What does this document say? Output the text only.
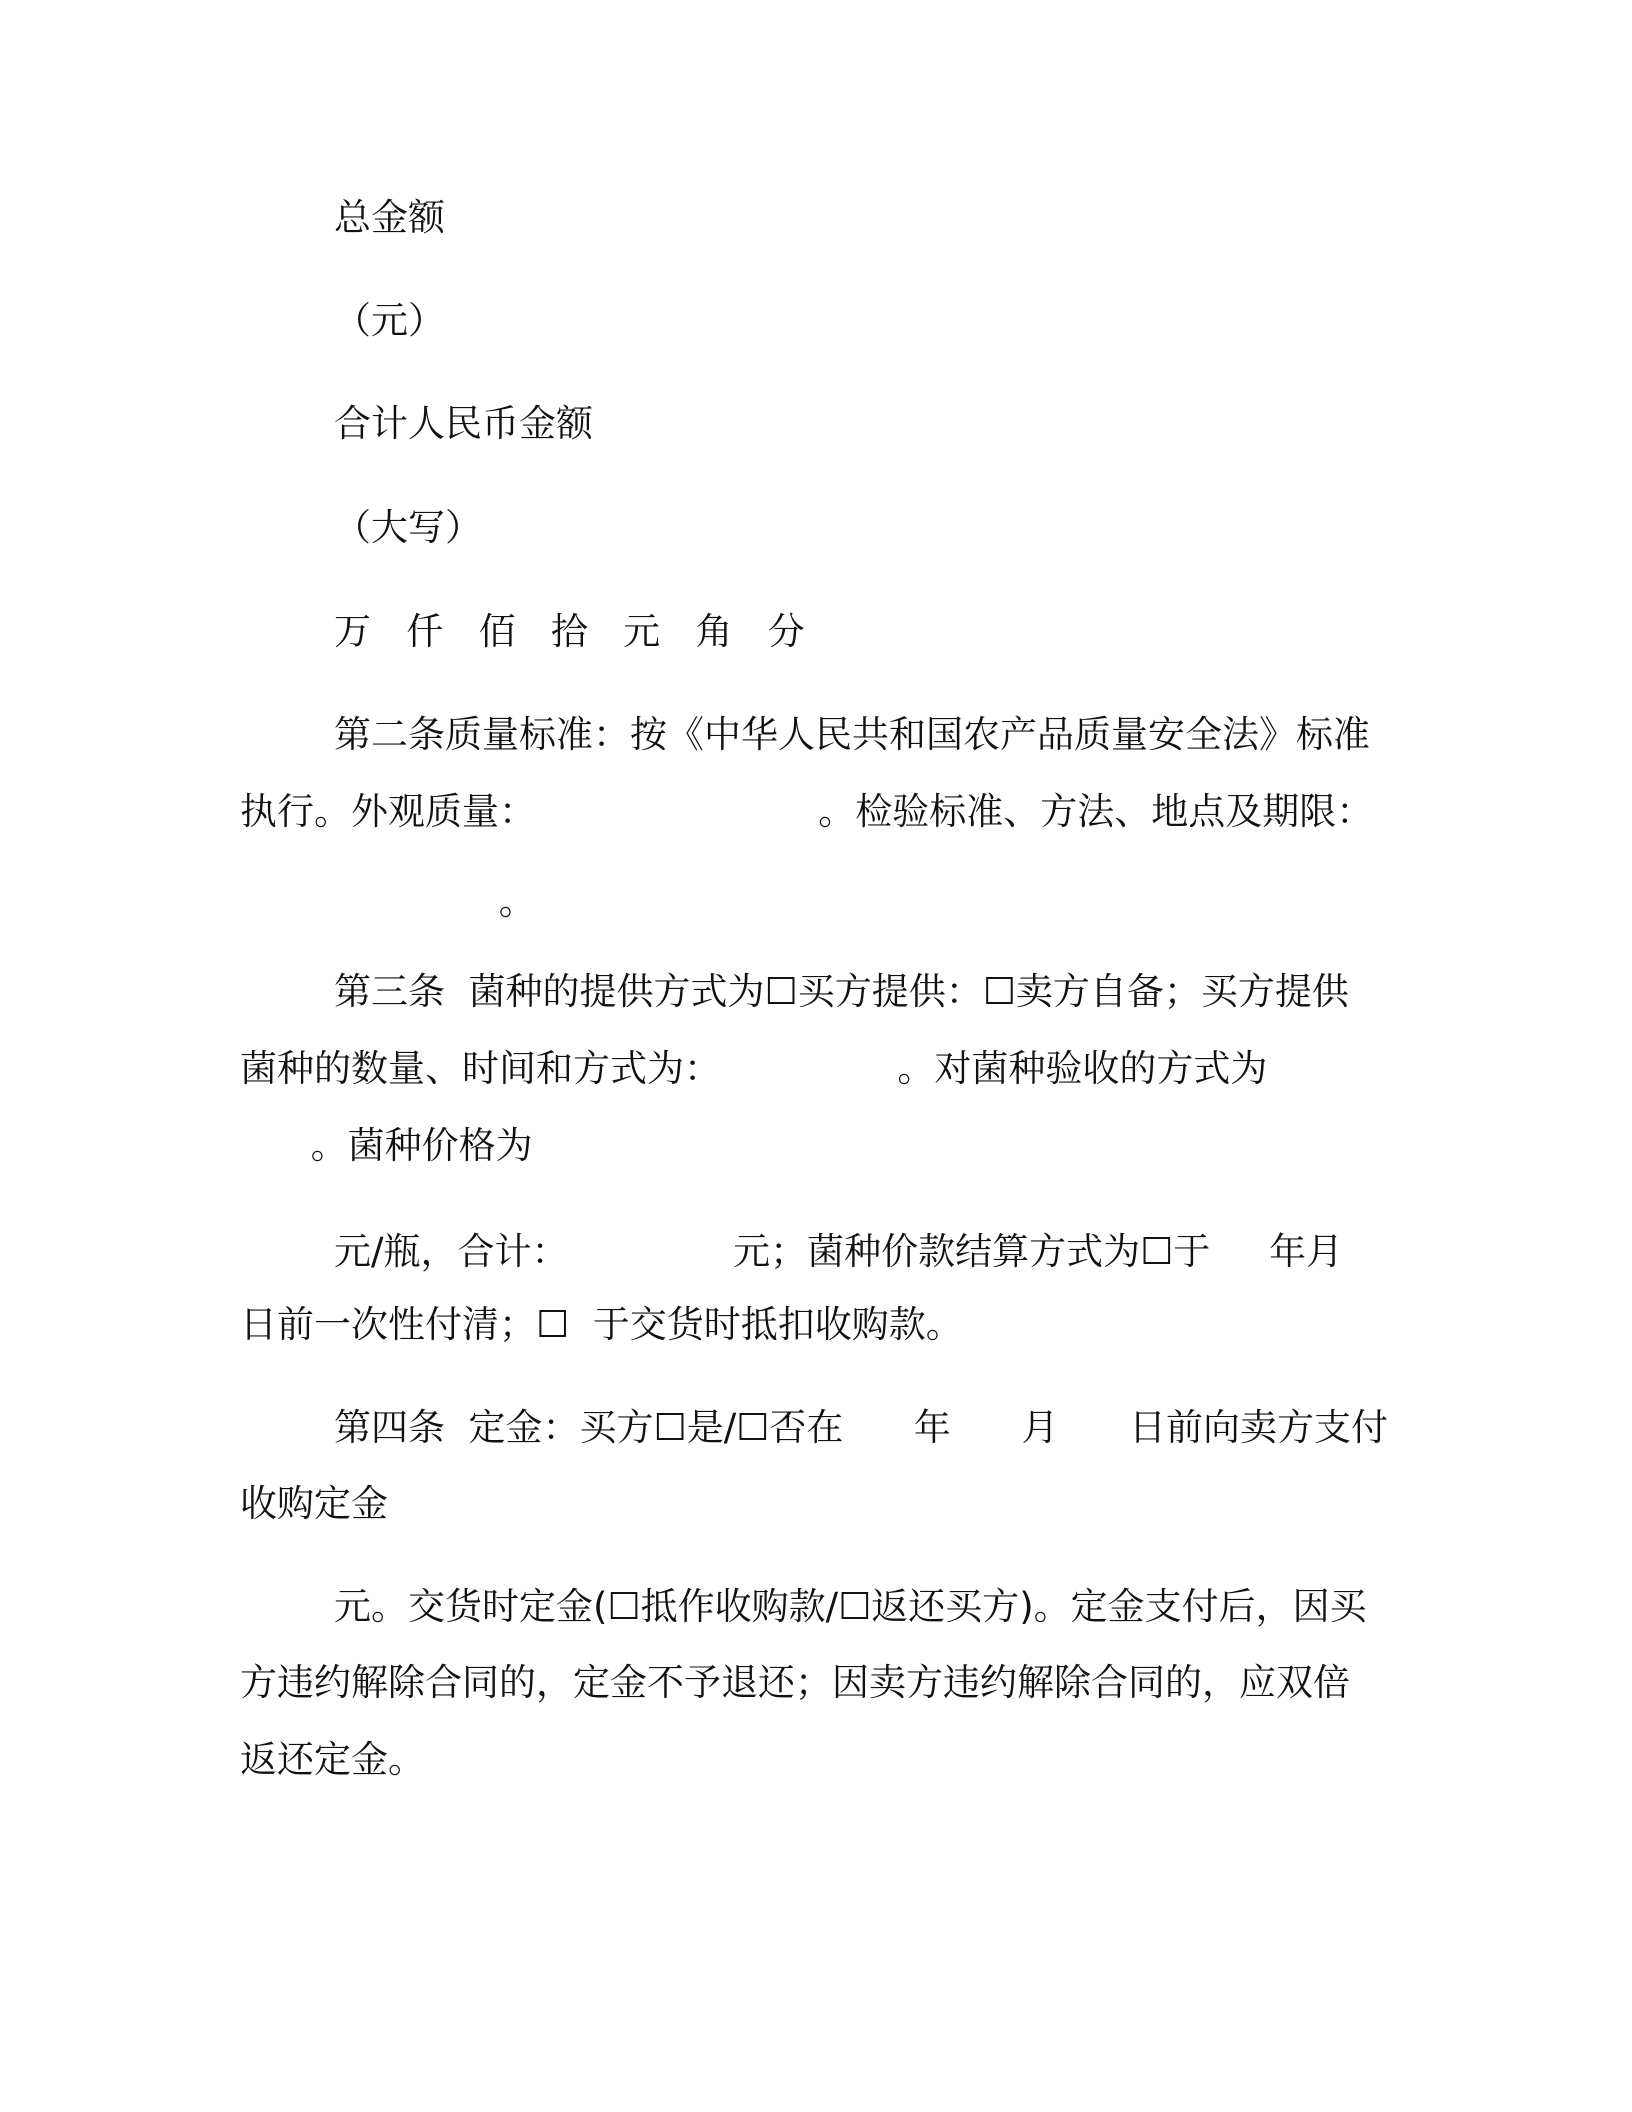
总金额

（元）

合计人民币金额

（大写）

万   仟   佰   拾   元   角   分

第二条质量标准：按《中华人民共和国农产品质量安全法》标准

执行。外观质量：                        。检验标准、方法、地点及期限：

。

第三条  菌种的提供方式为☐买方提供：☐卖方自备；买方提供

菌种的数量、时间和方式为：               。对菌种验收的方式为

。菌种价格为

元/瓶，合计：              元；菌种价款结算方式为☐于     年月

日前一次性付清；☐  于交货时抵扣收购款。

第四条  定金：买方☐是/☐否在      年      月      日前向卖方支付

收购定金

元。交货时定金(☐抵作收购款/☐返还买方)。定金支付后，因买

方违约解除合同的，定金不予退还；因卖方违约解除合同的，应双倍

返还定金。
